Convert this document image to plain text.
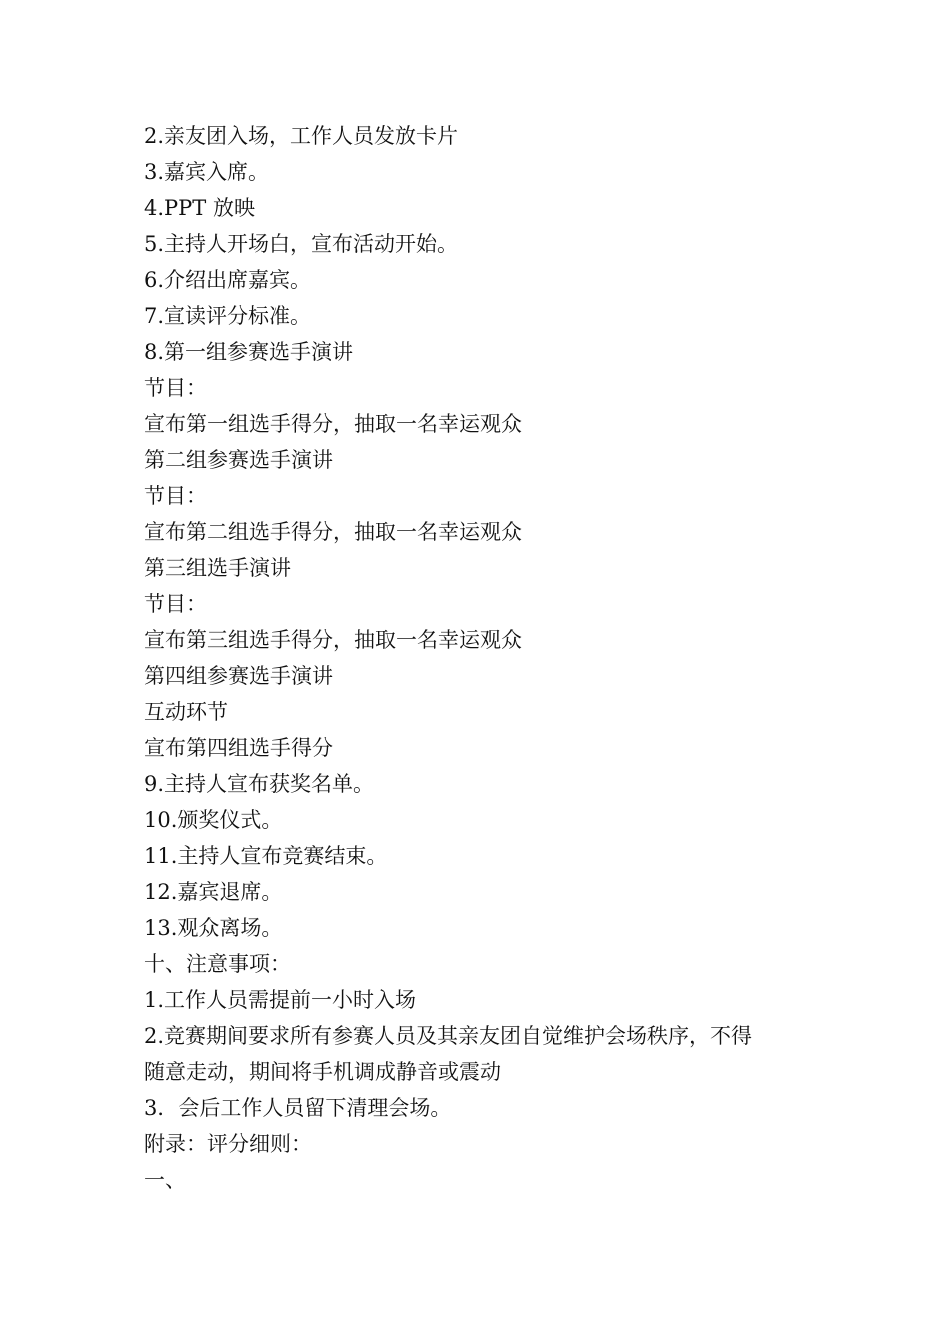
2.亲友团入场，工作人员发放卡片
3.嘉宾入席。
4.PPT 放映
5.主持人开场白，宣布活动开始。
6.介绍出席嘉宾。
7.宣读评分标准。
8.第一组参赛选手演讲
节目：
宣布第一组选手得分，抽取一名幸运观众
第二组参赛选手演讲
节目：
宣布第二组选手得分，抽取一名幸运观众
第三组选手演讲
节目：
宣布第三组选手得分，抽取一名幸运观众
第四组参赛选手演讲
互动环节
宣布第四组选手得分
9.主持人宣布获奖名单。
10.颁奖仪式。
11.主持人宣布竞赛结束。
12.嘉宾退席。
13.观众离场。
十、注意事项：
1.工作人员需提前一小时入场
2.竞赛期间要求所有参赛人员及其亲友团自觉维护会场秩序，不得
随意走动，期间将手机调成静音或震动
3．会后工作人员留下清理会场。
附录：评分细则：
一、
